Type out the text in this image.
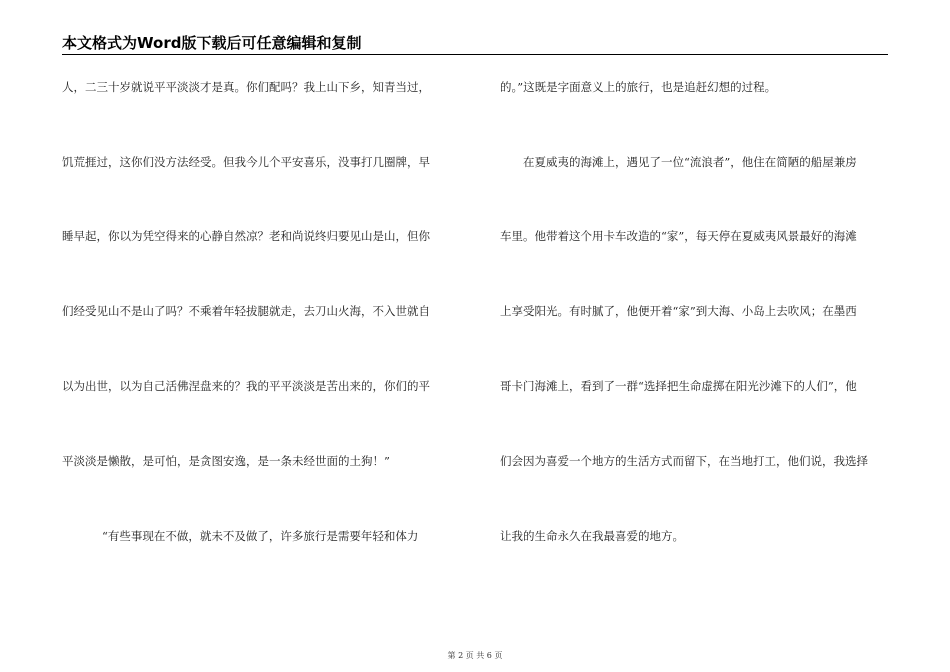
本文格式为Word版下载后可任意编辑和复制
人，二三十岁就说平平淡淡才是真。你们配吗？我上山下乡，知青当过，
饥荒捱过，这你们没方法经受。但我今儿个平安喜乐，没事打几圈牌，早
睡早起，你以为凭空得来的心静自然凉？老和尚说终归要见山是山，但你
们经受见山不是山了吗？不乘着年轻拔腿就走，去刀山火海，不入世就自
以为出世，以为自己活佛涅盘来的？我的平平淡淡是苦出来的，你们的平
平淡淡是懒散，是可怕，是贪图安逸，是一条未经世面的土狗！”
“有些事现在不做，就未不及做了，许多旅行是需要年轻和体力
的。”这既是字面意义上的旅行，也是追赶幻想的过程。
在夏威夷的海滩上，遇见了一位“流浪者”，他住在简陋的船屋兼房
车里。他带着这个用卡车改造的“家”，每天停在夏威夷风景最好的海滩
上享受阳光。有时腻了，他便开着“家”到大海、小岛上去吹风；在墨西
哥卡门海滩上，看到了一群“选择把生命虚掷在阳光沙滩下的人们”，他
们会因为喜爱一个地方的生活方式而留下，在当地打工，他们说，我选择
让我的生命永久在我最喜爱的地方。
第 2 页 共 6 页
